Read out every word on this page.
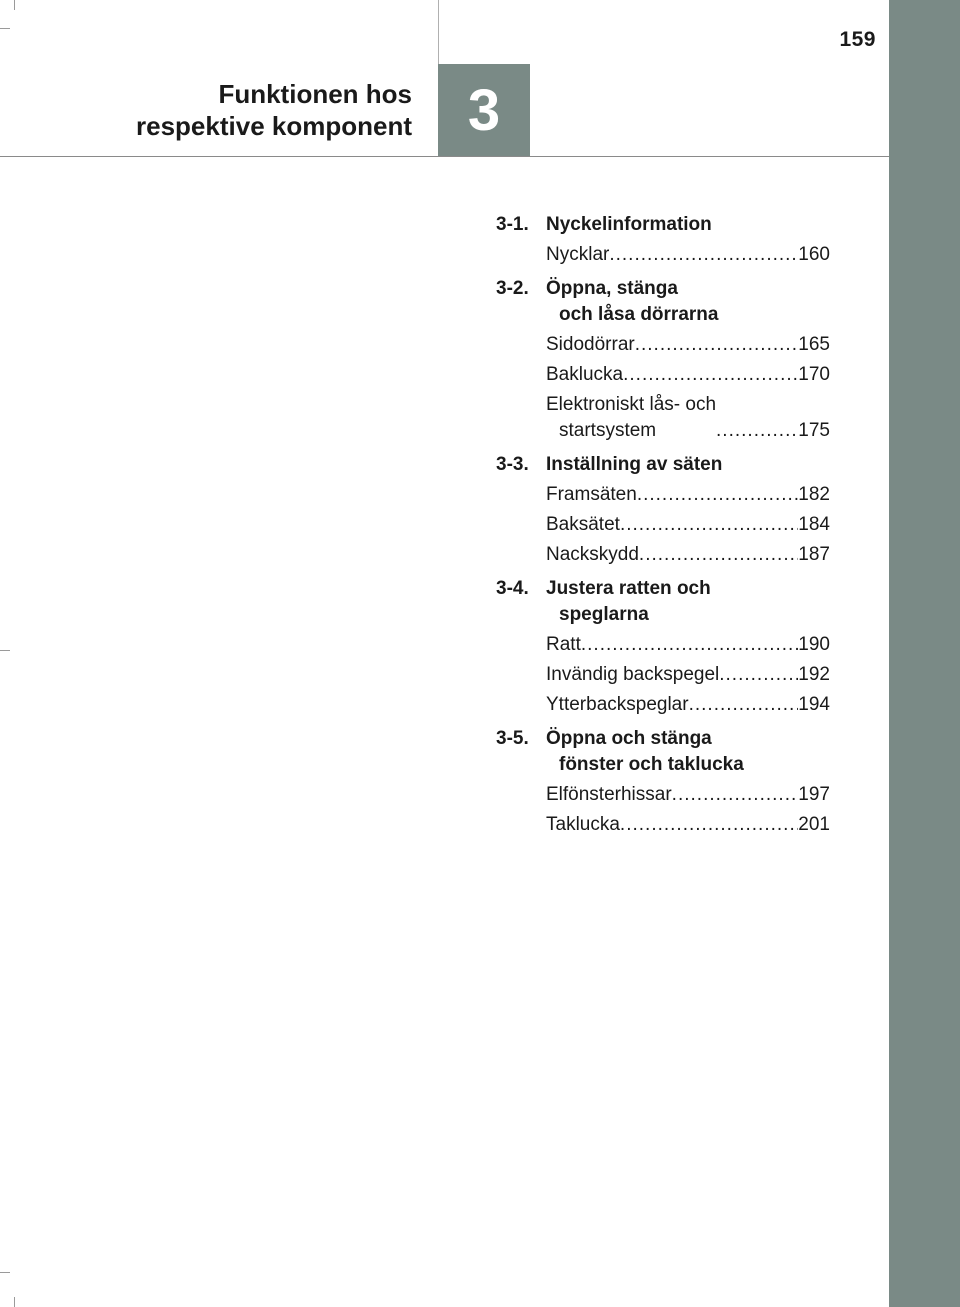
159
Funktionen hos
respektive komponent 3
3-1. Nyckelinformation
Nycklar .....	160
3-2. Öppna, stänga
och låsa dörrarna
Sidodörrar .....	165
Baklucka .....	170
Elektroniskt lås- och
startsystem .....	175
3-3. Inställning av säten
Framsäten .....	182
Baksätet .....	184
Nackskydd .....	187
3-4. Justera ratten och
speglarna
Ratt .....	190
Invändig backspegel .....	192
Ytterbackspeglar .....	194
3-5. Öppna och stänga
fönster och taklucka
Elfönsterhissar .....	197
Taklucka .....	201
